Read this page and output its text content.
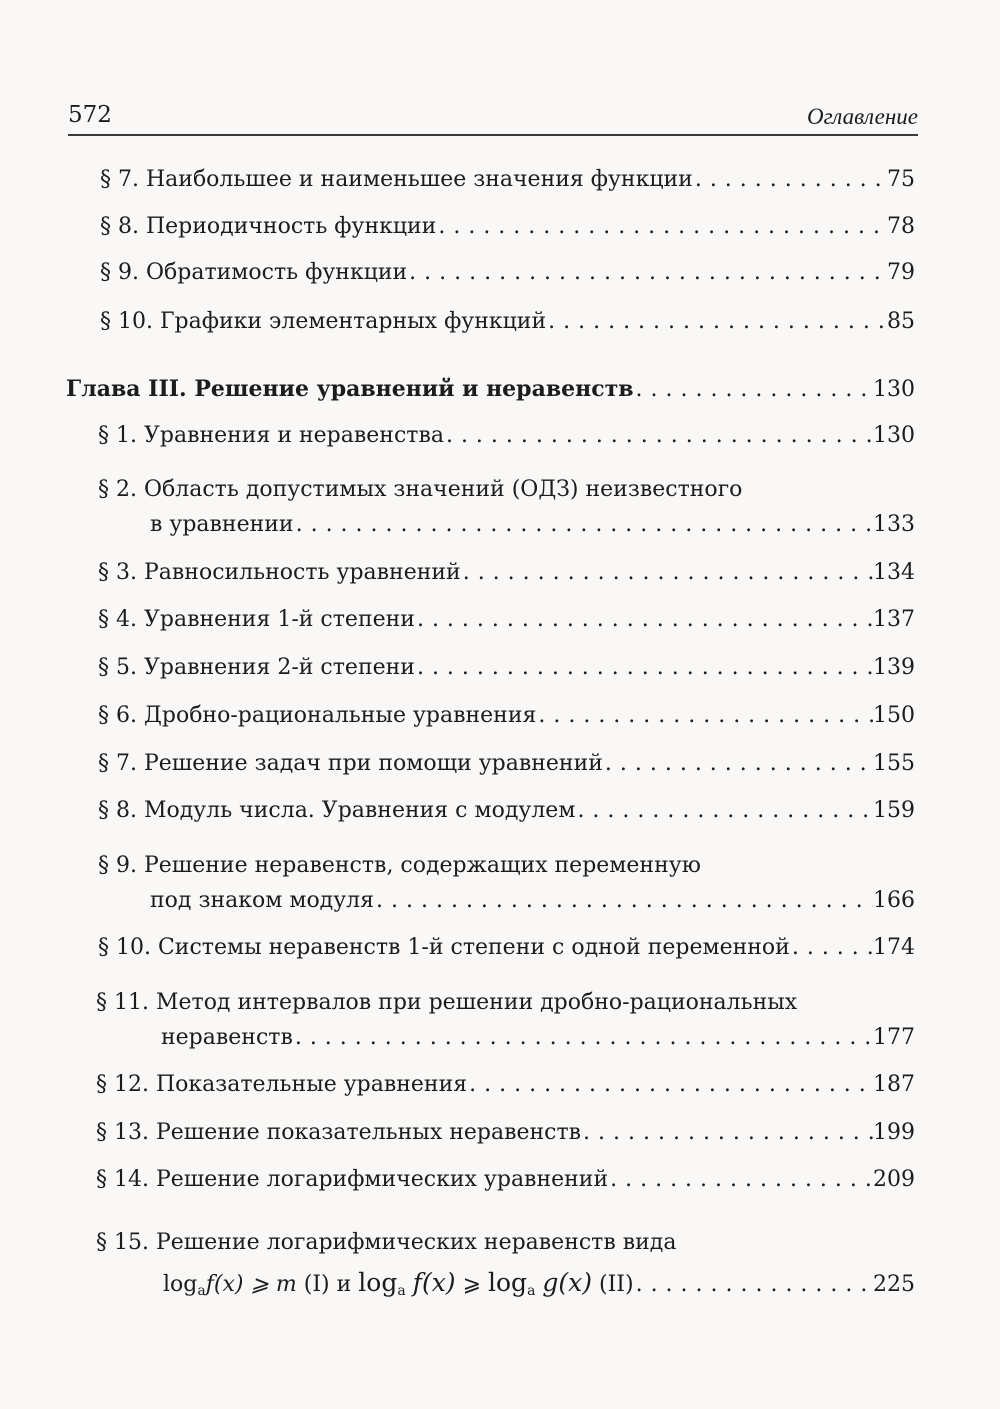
572	Оглавление
§ 7. Наибольшее и наименьшее значения функции . . .	75
§ 8. Периодичность функции . . .	78
§ 9. Обратимость функции . . .	79
§ 10. Графики элементарных функций . . .	85
Глава III. Решение уравнений и неравенств . . .	130
§ 1. Уравнения и неравенства . . .	130
§ 2. Область допустимых значений (ОДЗ) неизвестного
в уравнении . . .	133
§ 3. Равносильность уравнений . . .	134
§ 4. Уравнения 1-й степени . . .	137
§ 5. Уравнения 2-й степени . . .	139
§ 6. Дробно-рациональные уравнения . . .	150
§ 7. Решение задач при помощи уравнений . . .	155
§ 8. Модуль числа. Уравнения с модулем . . .	159
§ 9. Решение неравенств, содержащих переменную
под знаком модуля . . .	166
§ 10. Системы неравенств 1-й степени с одной переменной . . .	174
§ 11. Метод интервалов при решении дробно-рациональных
неравенств . . .	177
§ 12. Показательные уравнения . . .	187
§ 13. Решение показательных неравенств . . .	199
§ 14. Решение логарифмических уравнений . . .	209
§ 15. Решение логарифмических неравенств вида
$\log_af(x)$ ⩾ m (I) и $\log_a f(x)$ ⩾ $\log_a g(x)$ (II) . . .	225
